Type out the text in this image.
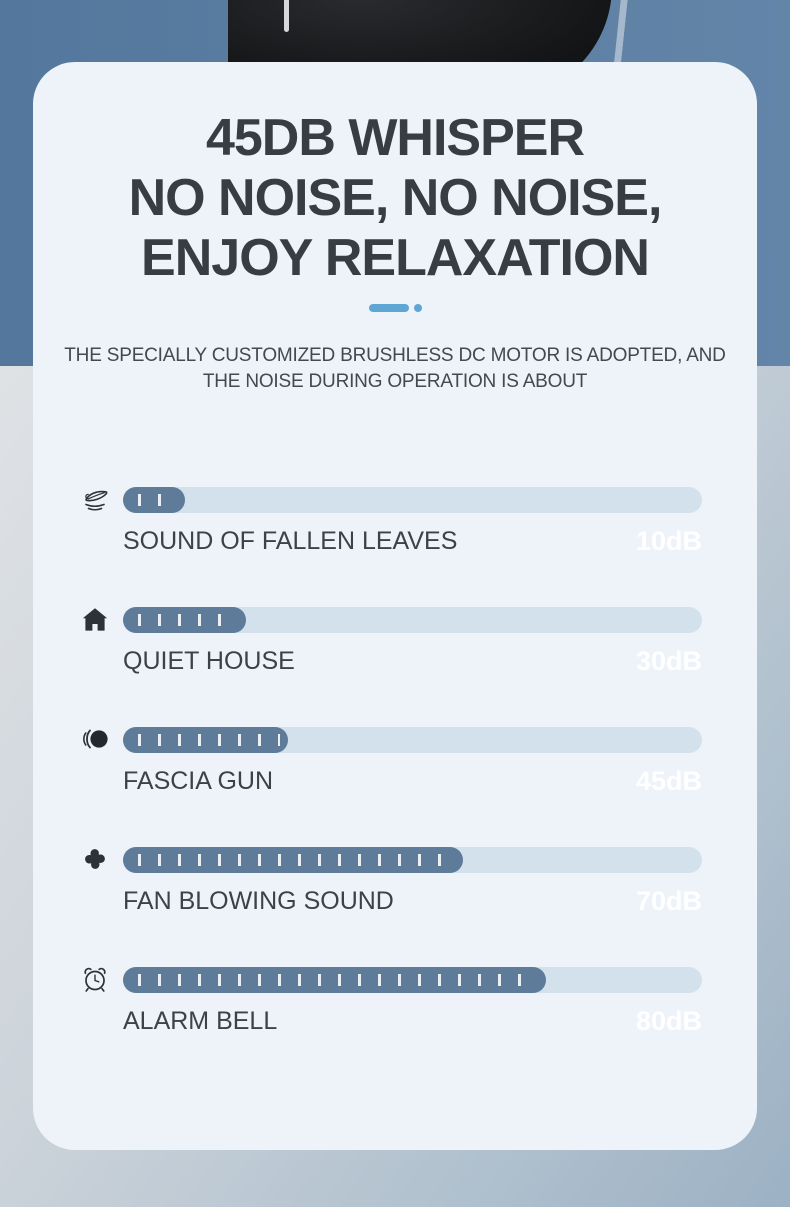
45DB WHISPER
NO NOISE, NO NOISE,
ENJOY RELAXATION
THE SPECIALLY CUSTOMIZED BRUSHLESS DC MOTOR IS ADOPTED, AND
THE NOISE DURING OPERATION IS ABOUT
SOUND OF FALLEN LEAVES	10dB
QUIET HOUSE	30dB
FASCIA GUN	45dB
FAN BLOWING SOUND	70dB
ALARM BELL	80dB
